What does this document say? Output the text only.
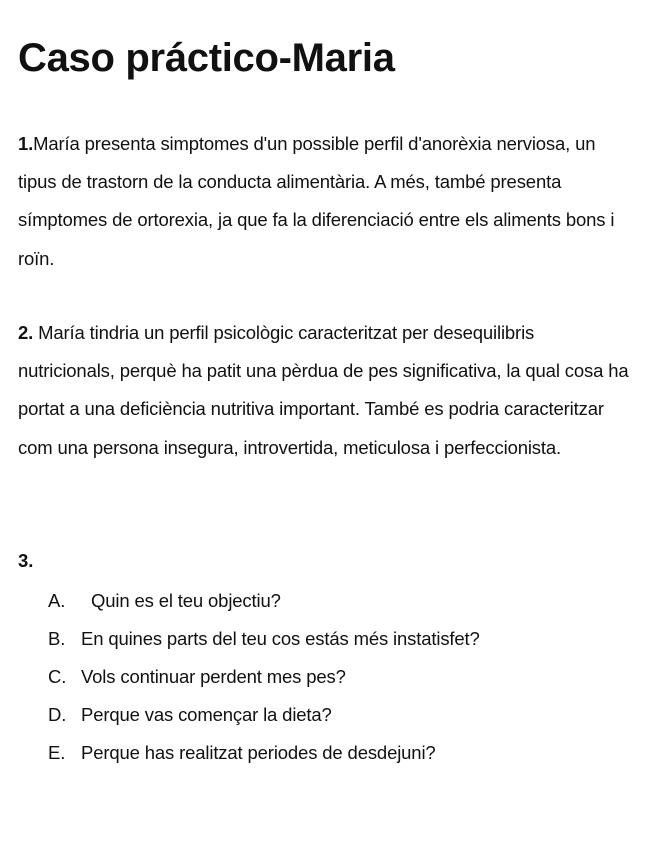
Caso práctico-Maria

1.María presenta simptomes d'un possible perfil d'anorèxia nerviosa, un tipus de trastorn de la conducta alimentària. A més, també presenta símptomes de ortorexia, ja que fa la diferenciació entre els aliments bons i roïn.

2. María tindria un perfil psicològic caracteritzat per desequilibris nutricionals, perquè ha patit una pèrdua de pes significativa, la qual cosa ha portat a una deficiència nutritiva important. També es podria caracteritzar com una persona insegura, introvertida, meticulosa i perfeccionista.

3.

A. Quin es el teu objectiu?
B. En quines parts del teu cos estás més instatisfet?
C. Vols continuar perdent mes pes?
D. Perque vas començar la dieta?
E. Perque has realitzat periodes de desdejuni?
